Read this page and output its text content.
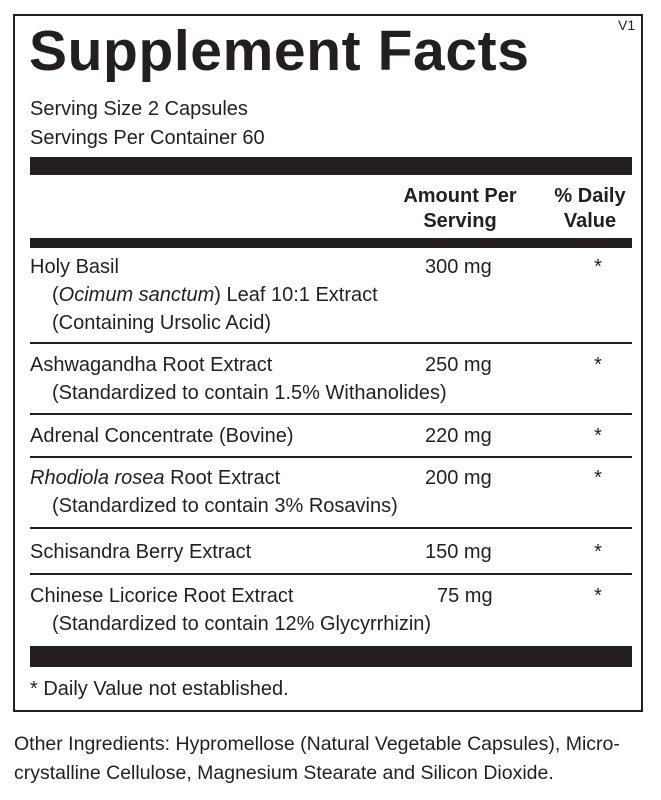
V1
Supplement Facts
Serving Size 2 Capsules
Servings Per Container 60
Amount Per
Serving
% Daily
Value
Holy Basil
(Ocimum sanctum) Leaf 10:1 Extract
(Containing Ursolic Acid)
300 mg	*
Ashwagandha Root Extract
(Standardized to contain 1.5% Withanolides)
250 mg	*
Adrenal Concentrate (Bovine)	220 mg	*
Rhodiola rosea Root Extract
(Standardized to contain 3% Rosavins)
200 mg	*
Schisandra Berry Extract	150 mg	*
Chinese Licorice Root Extract
(Standardized to contain 12% Glycyrrhizin)
75 mg	*
* Daily Value not established.
Other Ingredients: Hypromellose (Natural Vegetable Capsules), Micro-
crystalline Cellulose, Magnesium Stearate and Silicon Dioxide.
